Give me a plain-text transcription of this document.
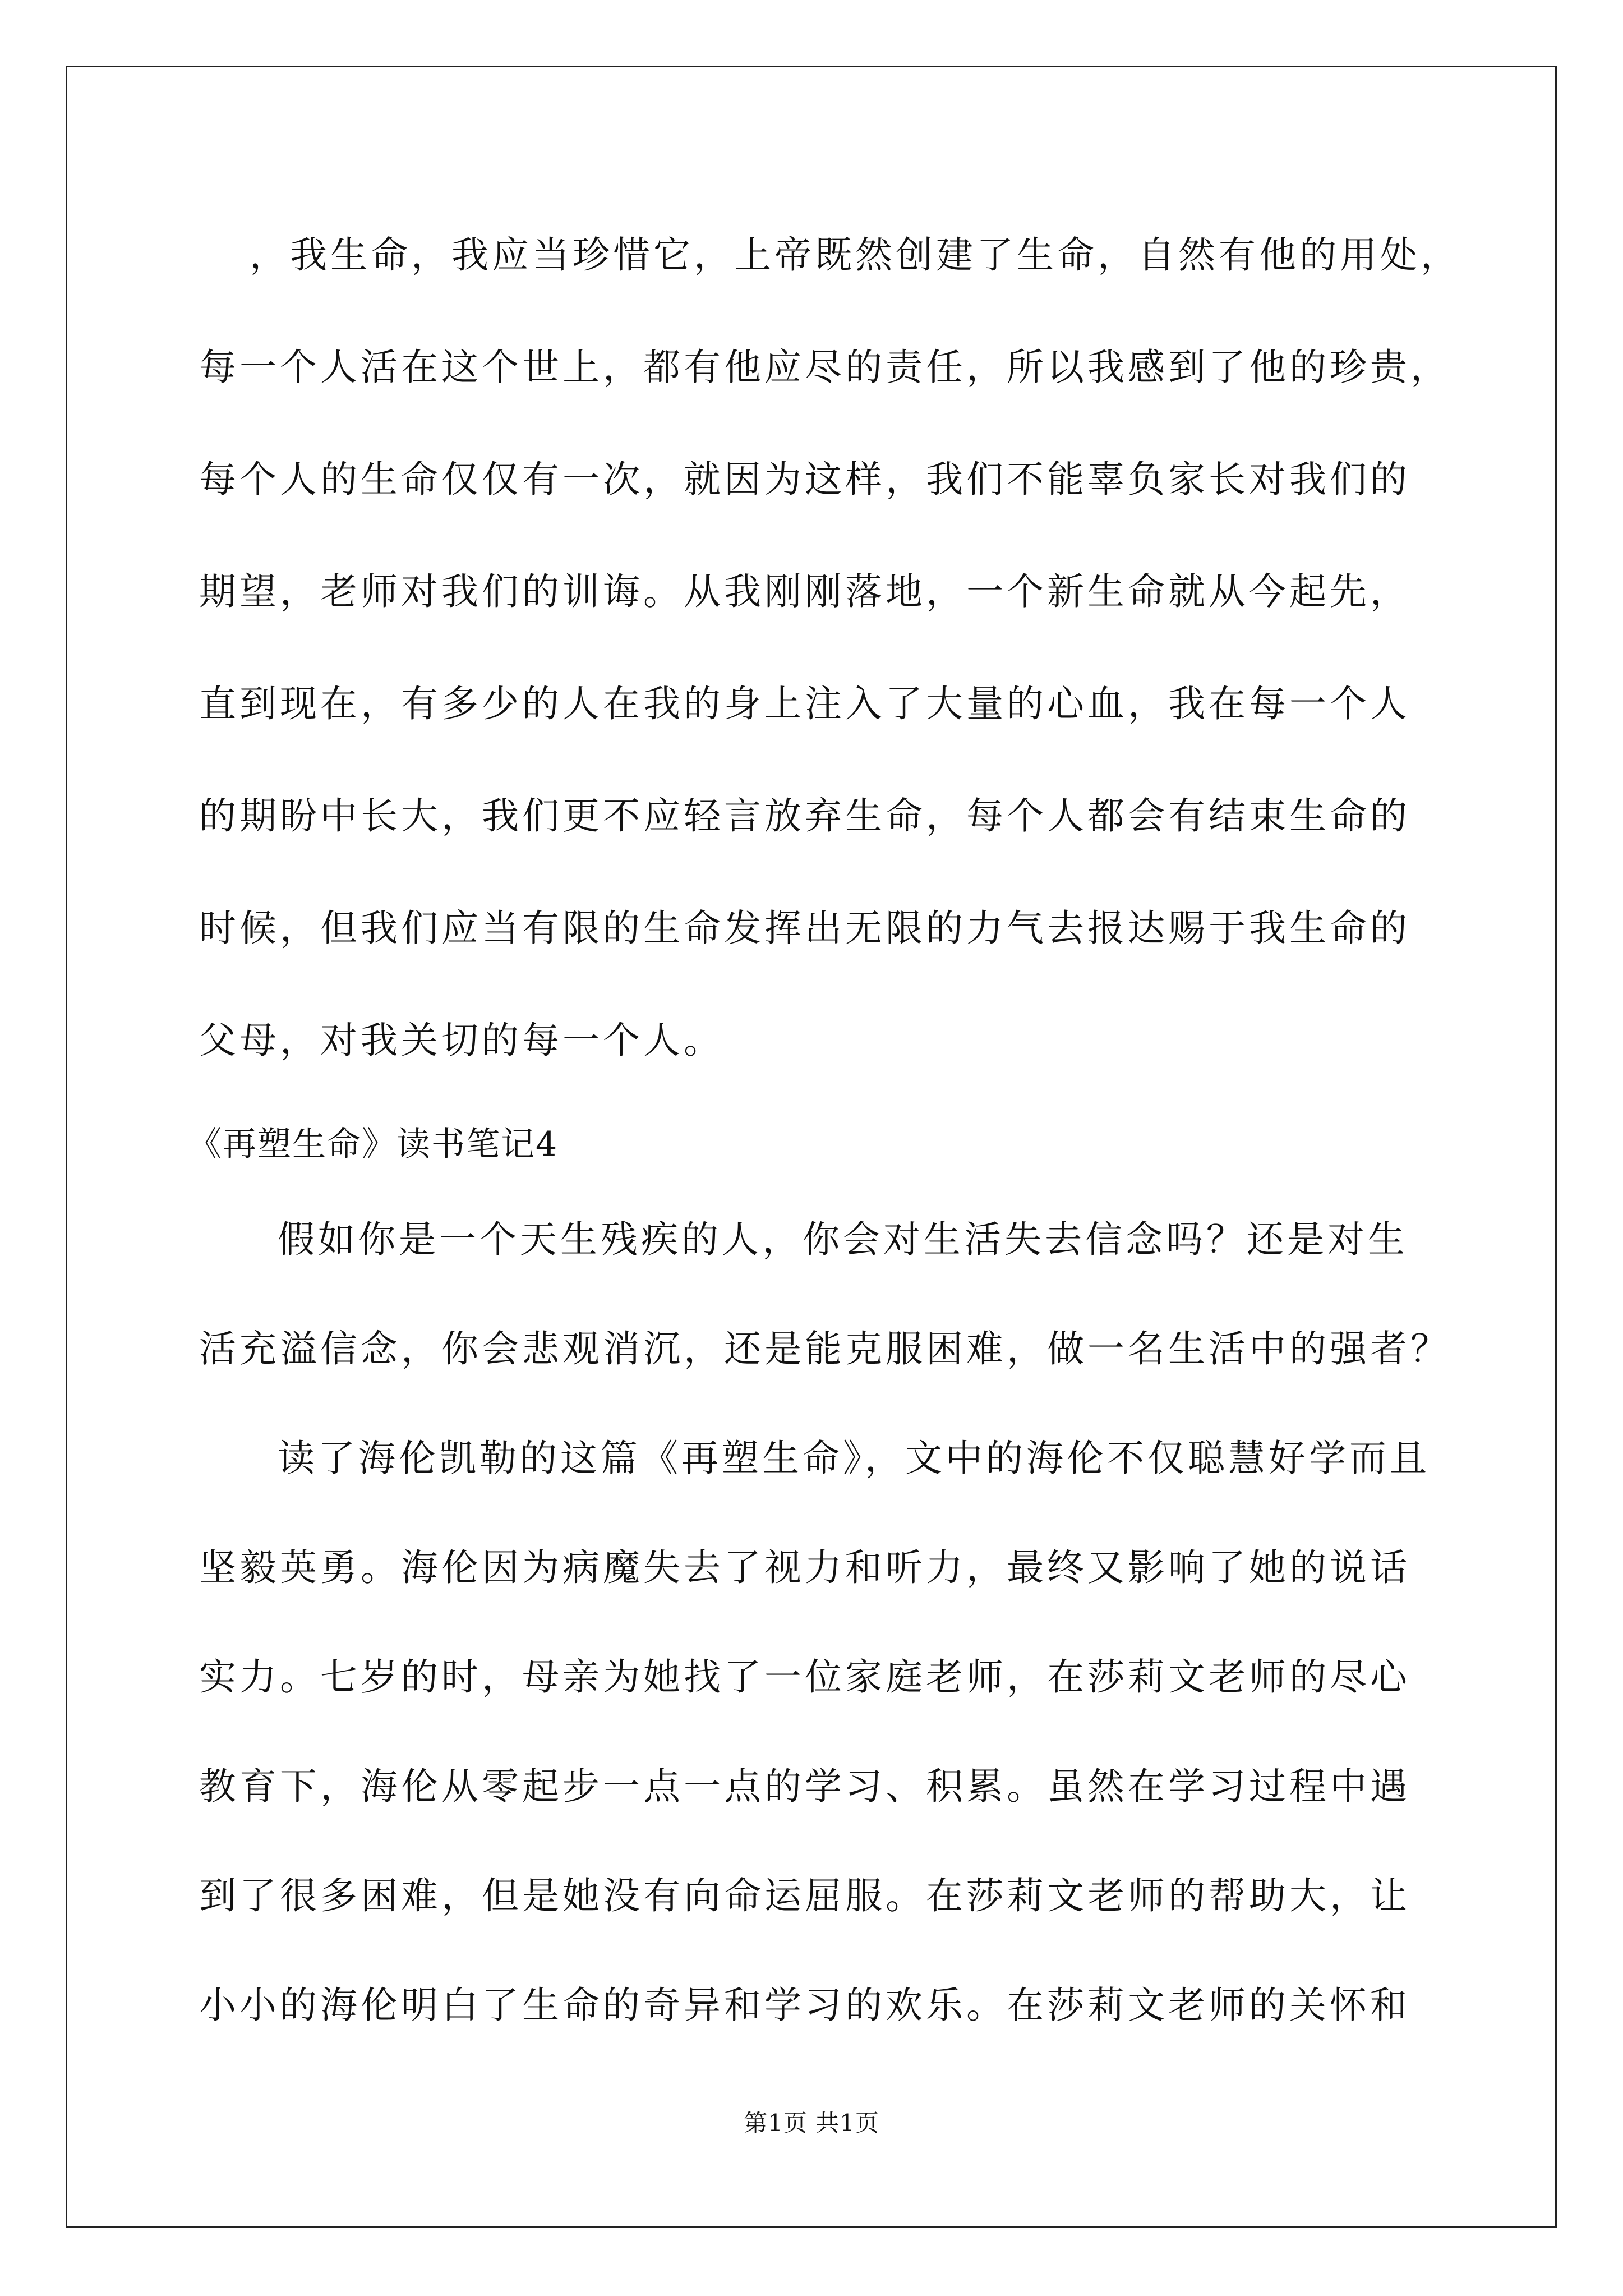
，我生命，我应当珍惜它，上帝既然创建了生命，自然有他的用处，
每一个人活在这个世上，都有他应尽的责任，所以我感到了他的珍贵，
每个人的生命仅仅有一次，就因为这样，我们不能辜负家长对我们的
期望，老师对我们的训诲。从我刚刚落地，一个新生命就从今起先，
直到现在，有多少的人在我的身上注入了大量的心血，我在每一个人
的期盼中长大，我们更不应轻言放弃生命，每个人都会有结束生命的
时候，但我们应当有限的生命发挥出无限的力气去报达赐于我生命的
父母，对我关切的每一个人。
《再塑生命》读书笔记4
假如你是一个天生残疾的人，你会对生活失去信念吗？还是对生
活充溢信念，你会悲观消沉，还是能克服困难，做一名生活中的强者？
读了海伦凯勒的这篇《再塑生命》，文中的海伦不仅聪慧好学而且
坚毅英勇。海伦因为病魔失去了视力和听力，最终又影响了她的说话
实力。七岁的时，母亲为她找了一位家庭老师，在莎莉文老师的尽心
教育下，海伦从零起步一点一点的学习、积累。虽然在学习过程中遇
到了很多困难，但是她没有向命运屈服。在莎莉文老师的帮助大，让
小小的海伦明白了生命的奇异和学习的欢乐。在莎莉文老师的关怀和
第1页 共1页
